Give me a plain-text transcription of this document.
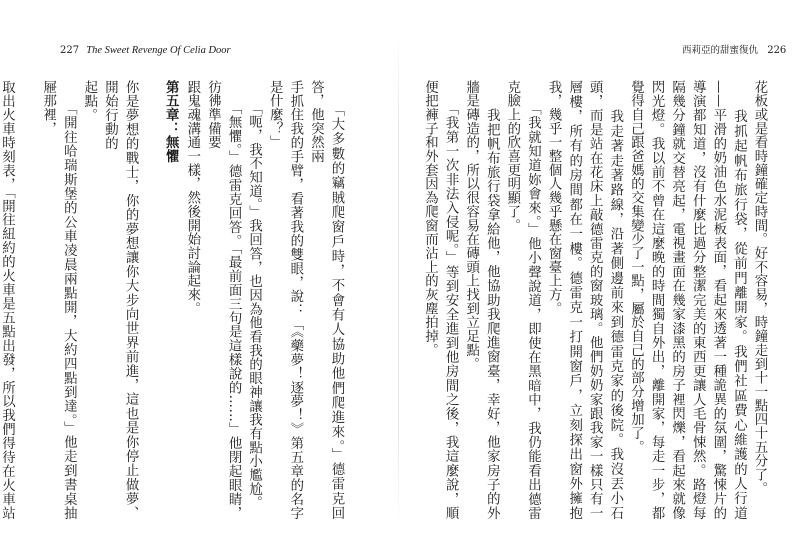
227 The Sweet Revenge Of Celia Door

　　「大多數的竊賊爬窗戶時，不會有人協助他們爬進來。」德雷克回答，他突然兩

手抓住我的手臂，看著我的雙眼，說：「《藥夢！逐夢！》第五章的名字是什麼？」

　　「呃，我不知道。」我回答，也因為他看我的眼神讓我有點小尷尬。

　　「無懼。」德雷克回答。「最前面三句是這樣說的……」他閉起眼睛，彷彿準備要

跟鬼魂溝通一樣，然後開始討論起來。

第五章：無懼

你是夢想的戰士，你的夢想讓你大步向世界前進，這也是你停止做夢、開始行動的

起點。

　　「開往哈瑞斯堡的公車凌晨兩點開，大約四點到達。」他走到書桌抽屜那裡，

取出火車時刻表，「開往紐約的火車是五點出發，所以我們得待在火車站

西莉亞的甜蜜復仇 226

花板或是看時鐘確定時間。好不容易，時鐘走到十一點四十五分了。

　　我抓起帆布旅行袋，從前門離開家。我們社區費心維護的人行道——平滑的奶油色水泥板表面，看起來透著一種詭異的氛圍，驚悚片的導演都知道，沒有什麼比過分整潔完美的東西更讓人毛骨悚然。路燈每隔幾分鐘就交替亮起，電視畫面在幾家漆黑的房子裡閃爍，看起來就像閃光燈。我以前不曾在這麼晚的時間獨自外出，離開家，每走一步，都覺得自己跟爸媽的交集變少了一點，屬於自己的部分增加了。

　　我走著走著路線，沿著側邊前來到德雷克家的後院。我沒丟小石頭，而是站在花床上敲德雷克的窗玻璃。他們奶奶家跟我家一樣只有一層樓，所有的房間都在一樓。德雷克一打開窗戶，立刻探出窗外擁抱我，幾乎一整個人幾乎懸在窗臺上方。

　　「我就知道妳會來。」他小聲說道，即使在黑暗中，我仍能看出德雷克臉上的欣喜更明顯了。

　　我把帆布旅行袋拿給他，他協助我爬進窗臺，幸好，他家房子的外牆是磚造的，所以很容易在磚頭上找到立足點。

　　「我第一次非法入侵呢。」等到安全進到他房間之後，我這麼說，順便把褲子和外套因為爬窗而沾上的灰塵拍掉。
